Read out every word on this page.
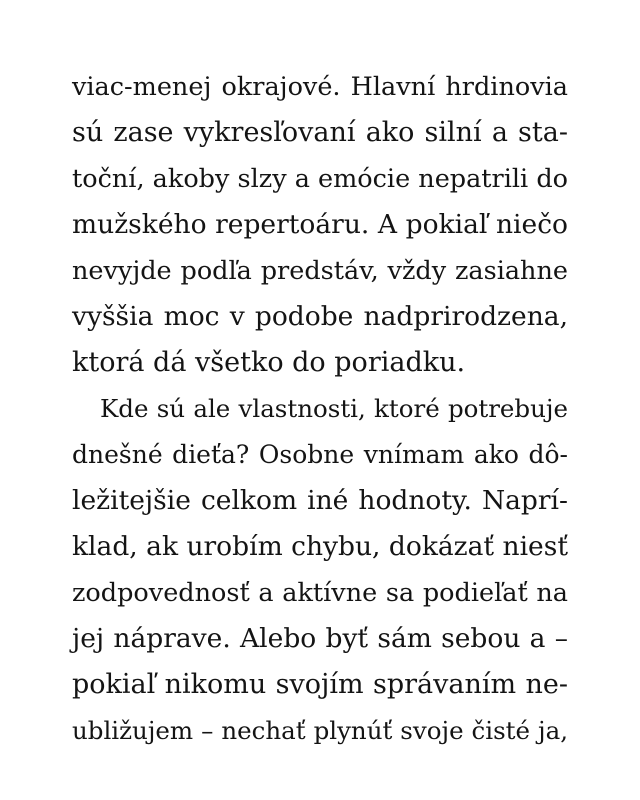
viac-menej okrajové. Hlavní hrdinovia
sú zase vykresľovaní ako silní a sta-
toční, akoby slzy a emócie nepatrili do
mužského repertoáru. A pokiaľ niečo
nevyjde podľa predstáv, vždy zasiahne
vyššia moc v podobe nadprirodzena,
ktorá dá všetko do poriadku.
Kde sú ale vlastnosti, ktoré potrebuje
dnešné dieťa? Osobne vnímam ako dô-
ležitejšie celkom iné hodnoty. Naprí-
klad, ak urobím chybu, dokázať niesť
zodpovednosť a aktívne sa podieľať na
jej náprave. Alebo byť sám sebou a –
pokiaľ nikomu svojím správaním ne-
ubližujem – nechať plynúť svoje čisté ja,
